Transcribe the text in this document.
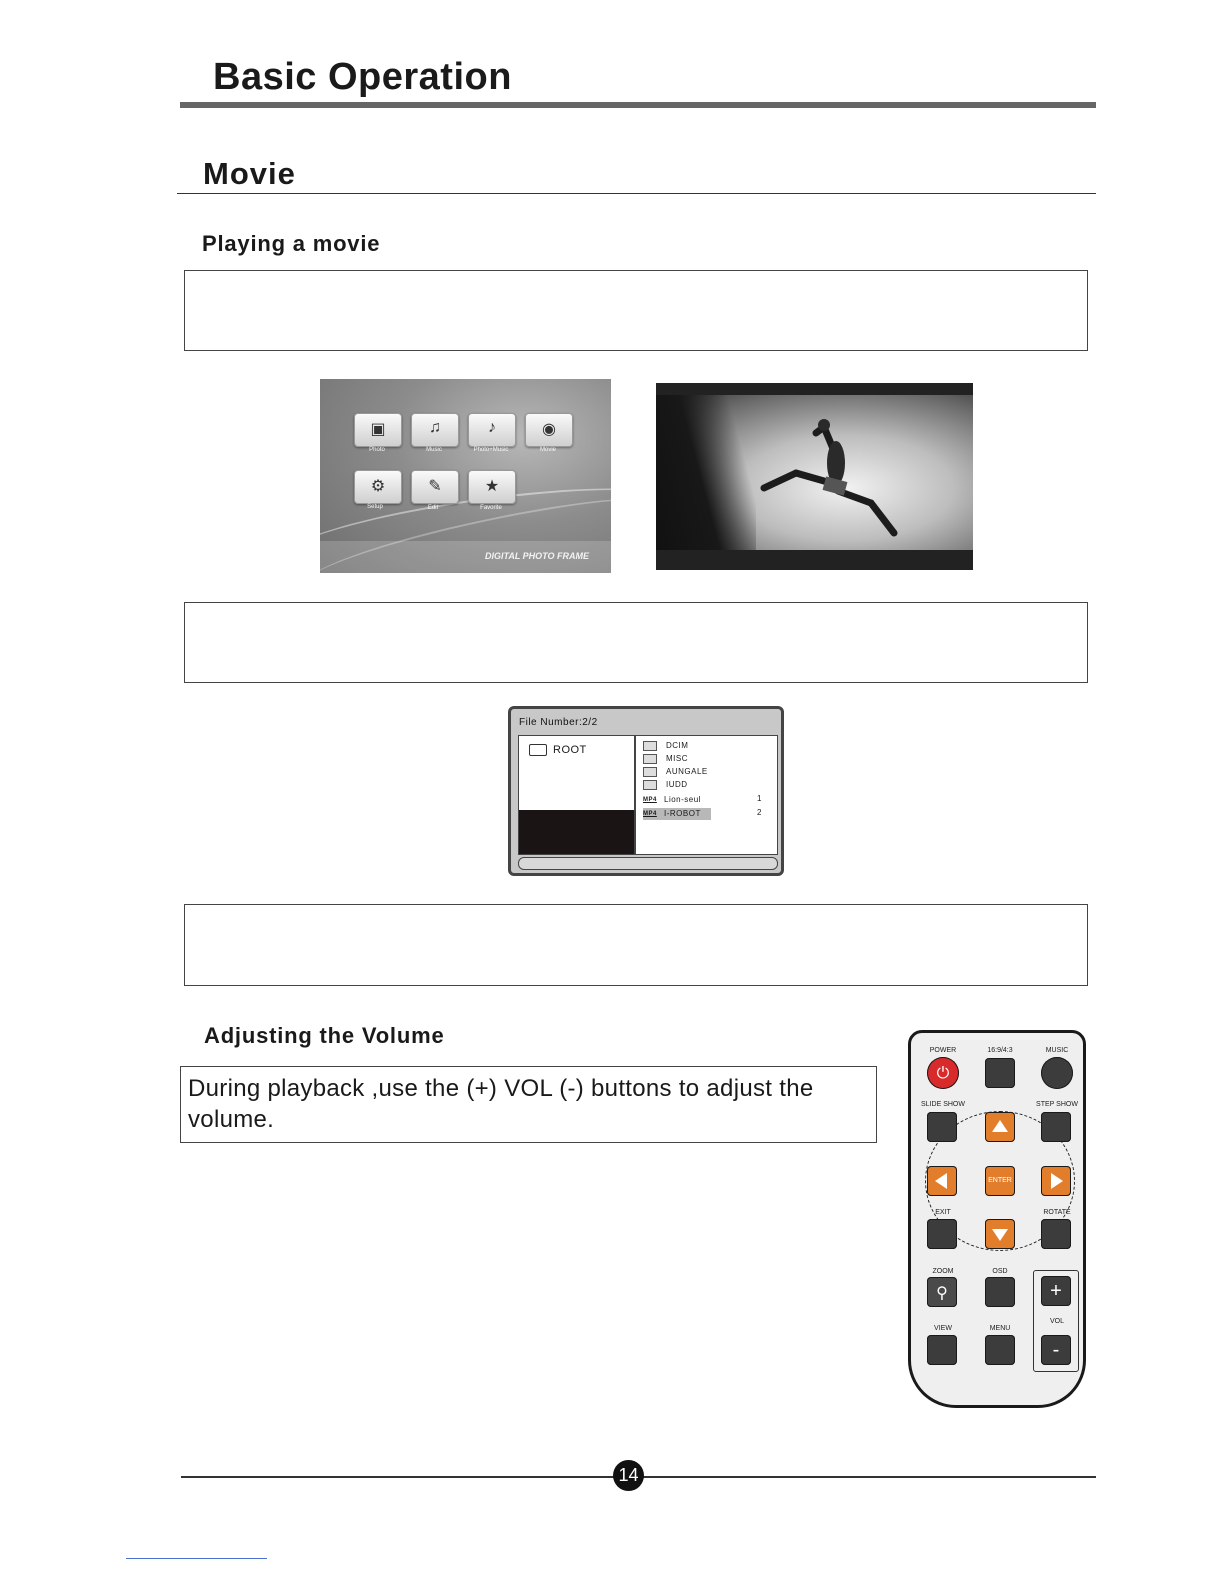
Basic Operation
Movie
Playing a movie
▣
Photo
♫
Music
♪
Photo+Music
◉
Movie
⚙
Setup
✎
Edit
★
Favorite
DIGITAL PHOTO FRAME
File Number:2/2
ROOT	DCIM
MISC
AUNGALE
IUDD
MP4 Lion-seul	1
MP4 I-ROBOT	2
Adjusting the Volume
During playback ,use the (+) VOL (-) buttons to adjust the volume.
POWER	16:9/4:3	MUSIC
⏻
SLIDE SHOW	STEP SHOW
ENTER
EXIT	ROTATE
ZOOM	OSD
⚲	+
VOL
-
VIEW	MENU
14
